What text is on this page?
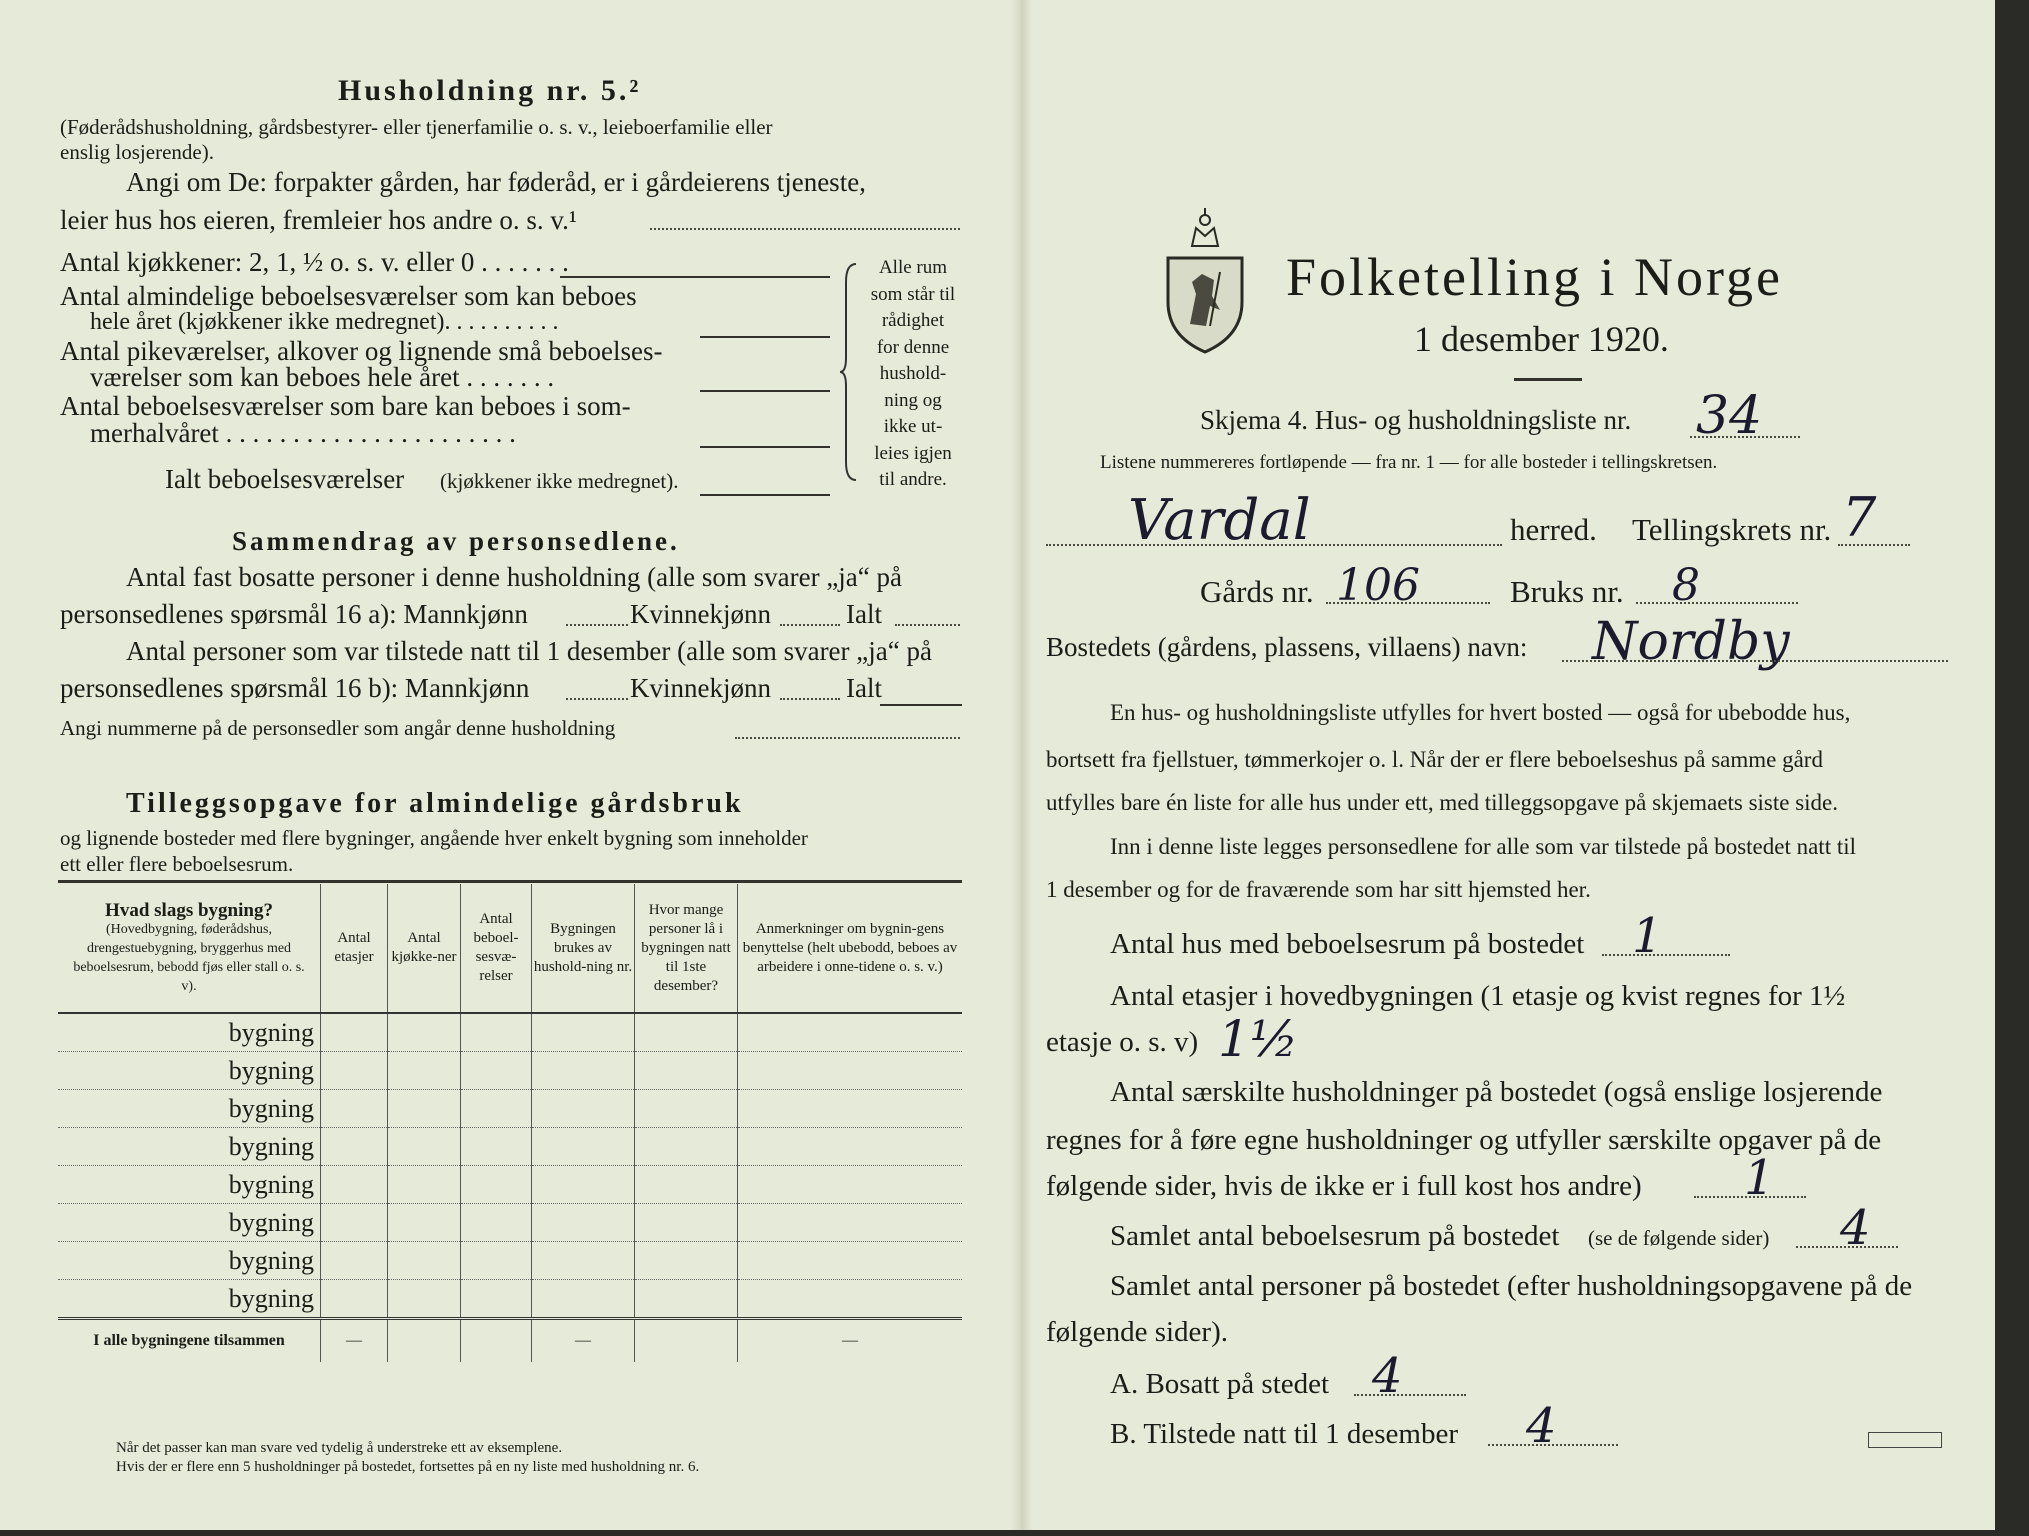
Husholdning nr. 5.²
(Føderådshusholdning, gårdsbestyrer- eller tjenerfamilie o. s. v., leieboerfamilie eller
enslig losjerende).
Angi om De: forpakter gården, har føderåd, er i gårdeierens tjeneste,
leier hus hos eieren, fremleier hos andre o. s. v.¹
Antal kjøkkener: 2, 1, ½ o. s. v. eller 0 . . . . . . .
Antal almindelige beboelsesværelser som kan beboes
hele året (kjøkkener ikke medregnet). . . . . . . . . .
Antal pikeværelser, alkover og lignende små beboelses-
værelser som kan beboes hele året . . . . . . .
Antal beboelsesværelser som bare kan beboes i som-
merhalvåret . . . . . . . . . . . . . . . . . . . . . .
Ialt beboelsesværelser (kjøkkener ikke medregnet).
Alle rum
som står til
rådighet
for denne
hushold-
ning og
ikke ut-
leies igjen
til andre.
Sammendrag av personsedlene.
Antal fast bosatte personer i denne husholdning (alle som svarer „ja“ på
personsedlenes spørsmål 16 a): Mannkjønn	Kvinnekjønn	Ialt
Antal personer som var tilstede natt til 1 desember (alle som svarer „ja“ på
personsedlenes spørsmål 16 b): Mannkjønn	Kvinnekjønn	Ialt
Angi nummerne på de personsedler som angår denne husholdning
Tilleggsopgave for almindelige gårdsbruk
og lignende bosteder med flere bygninger, angående hver enkelt bygning som inneholder
ett eller flere beboelsesrum.
Hvad slags bygning?
(Hovedbygning, føderådshus, drengestuebygning, bryggerhus med beboelsesrum, bebodd fjøs eller stall o. s. v).	Antal etasjer	Antal kjøkke-ner	Antal beboel-sesvæ-relser	Bygningen brukes av hushold-ning nr.	Hvor mange personer lå i bygningen natt til 1ste desember?	Anmerkninger om bygnin-gens benyttelse (helt ubebodd, beboes av arbeidere i onne-tidene o. s. v.)
bygning						
bygning						
bygning						
bygning						
bygning						
bygning						
bygning						
bygning						
I alle bygningene tilsammen	—			—		—
Når det passer kan man svare ved tydelig å understreke ett av eksemplene.
Hvis der er flere enn 5 husholdninger på bostedet, fortsettes på en ny liste med husholdning nr. 6.
Folketelling i Norge
1 desember 1920.
Skjema 4. Hus- og husholdningsliste nr. 34
Listene nummereres fortløpende — fra nr. 1 — for alle bosteder i tellingskretsen.
Vardal	herred. Tellingskrets nr. 7
Gårds nr. 106	Bruks nr. 8
Bostedets (gårdens, plassens, villaens) navn: Nordby
En hus- og husholdningsliste utfylles for hvert bosted — også for ubebodde hus,
bortsett fra fjellstuer, tømmerkojer o. l. Når der er flere beboelseshus på samme gård
utfylles bare én liste for alle hus under ett, med tilleggsopgave på skjemaets siste side.
Inn i denne liste legges personsedlene for alle som var tilstede på bostedet natt til
1 desember og for de fraværende som har sitt hjemsted her.
Antal hus med beboelsesrum på bostedet 1
Antal etasjer i hovedbygningen (1 etasje og kvist regnes for 1½
etasje o. s. v) 1½
Antal særskilte husholdninger på bostedet (også enslige losjerende
regnes for å føre egne husholdninger og utfyller særskilte opgaver på de
følgende sider, hvis de ikke er i full kost hos andre) 1
Samlet antal beboelsesrum på bostedet (se de følgende sider) 4
Samlet antal personer på bostedet (efter husholdningsopgavene på de
følgende sider).
A. Bosatt på stedet 4
B. Tilstede natt til 1 desember 4
